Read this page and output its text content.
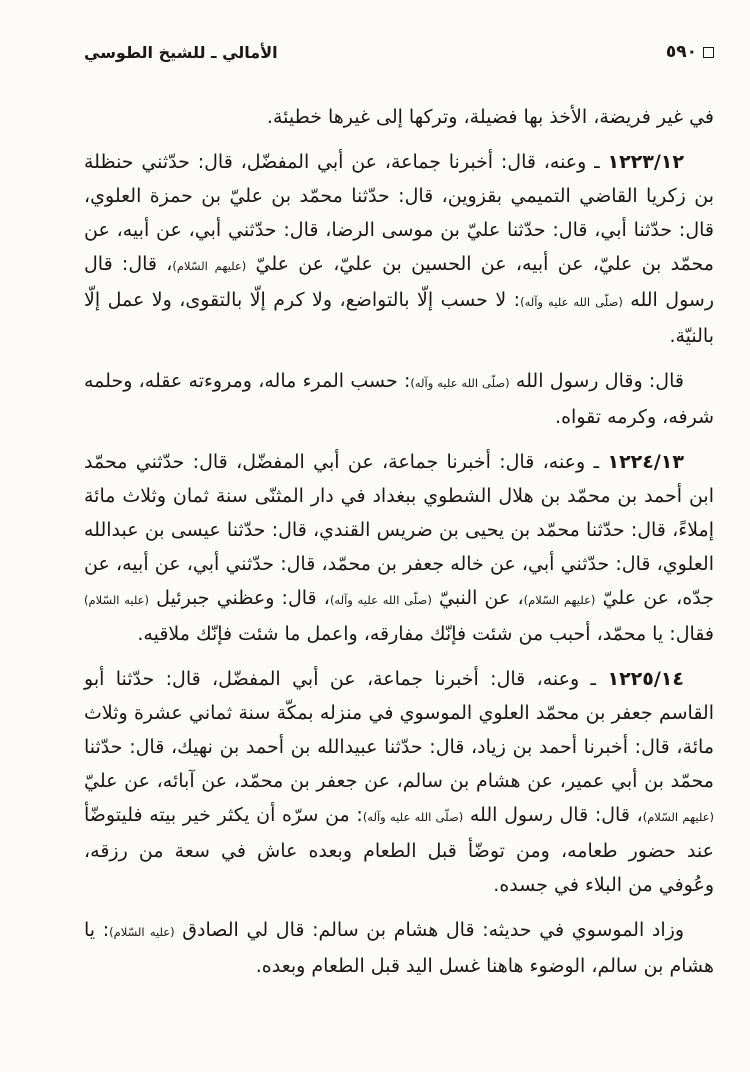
٥٩٠
الأمالي ـ للشيخ الطوسي

في غير فريضة، الأخذ بها فضيلة، وتركها إلى غيرها خطيئة.

١٢٢٣/١٢ ـ وعنه، قال: أخبرنا جماعة، عن أبي المفضّل، قال: حدّثني حنظلة بن زكريا القاضي التميمي بقزوين، قال: حدّثنا محمّد بن عليّ بن حمزة العلوي، قال: حدّثنا أبي، قال: حدّثنا عليّ بن موسى الرضا، قال: حدّثني أبي، عن أبيه، عن محمّد بن عليّ، عن أبيه، عن الحسين بن عليّ، عن عليّ (عليهم السّلام)، قال: قال رسول الله (صلّى الله عليه وآله): لا حسب إلّا بالتواضع، ولا كرم إلّا بالتقوى، ولا عمل إلّا بالنيّة.

قال: وقال رسول الله (صلّى الله عليه وآله): حسب المرء ماله، ومروءته عقله، وحلمه شرفه، وكرمه تقواه.

١٢٢٤/١٣ ـ وعنه، قال: أخبرنا جماعة، عن أبي المفضّل، قال: حدّثني محمّد ابن أحمد بن محمّد بن هلال الشطوي ببغداد في دار المثنّى سنة ثمان وثلاث مائة إملاءً، قال: حدّثنا محمّد بن يحيى بن ضريس القندي، قال: حدّثنا عيسى بن عبدالله العلوي، قال: حدّثني أبي، عن خاله جعفر بن محمّد، قال: حدّثني أبي، عن أبيه، عن جدّه، عن عليّ (عليهم السّلام)، عن النبيّ (صلّى الله عليه وآله)، قال: وعظني جبرئيل (عليه السّلام) فقال: يا محمّد، أحبب من شئت فإنّك مفارقه، واعمل ما شئت فإنّك ملاقيه.

١٢٢٥/١٤ ـ وعنه، قال: أخبرنا جماعة، عن أبي المفضّل، قال: حدّثنا أبو القاسم جعفر بن محمّد العلوي الموسوي في منزله بمكّة سنة ثماني عشرة وثلاث مائة، قال: أخبرنا أحمد بن زياد، قال: حدّثنا عبيدالله بن أحمد بن نهيك، قال: حدّثنا محمّد بن أبي عمير، عن هشام بن سالم، عن جعفر بن محمّد، عن آبائه، عن عليّ (عليهم السّلام)، قال: قال رسول الله (صلّى الله عليه وآله): من سرّه أن يكثر خير بيته فليتوضّأ عند حضور طعامه، ومن توضّأ قبل الطعام وبعده عاش في سعة من رزقه، وعُوفي من البلاء في جسده.

وزاد الموسوي في حديثه: قال هشام بن سالم: قال لي الصادق (عليه السّلام): يا هشام بن سالم، الوضوء هاهنا غسل اليد قبل الطعام وبعده.
